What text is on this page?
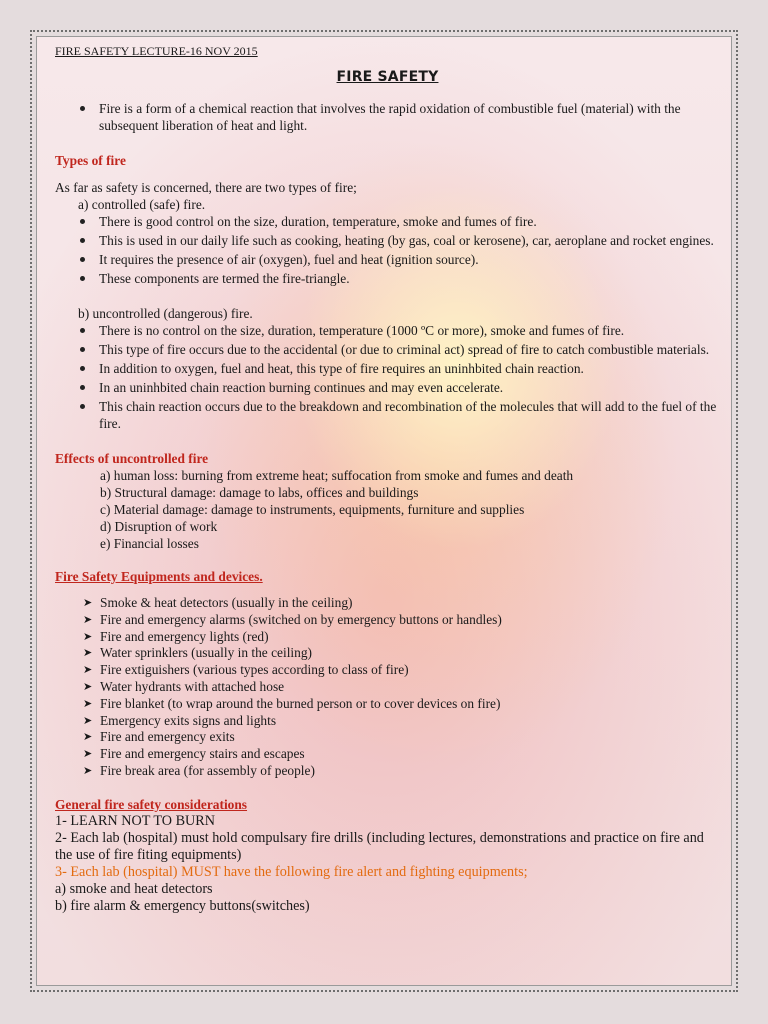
FIRE SAFETY LECTURE-16 NOV 2015

FIRE SAFETY
Fire is a form of a chemical reaction that involves the rapid oxidation of combustible fuel (material) with the subsequent liberation of heat and light.

Types of fire

As far as safety is concerned, there are two types of fire;

a) controlled (safe) fire.

There is good control on the size, duration, temperature, smoke and fumes of fire.
This is used in our daily life such as cooking, heating (by gas, coal or kerosene), car, aeroplane and rocket engines.
It requires the presence of air (oxygen), fuel and heat (ignition source).
These components are termed the fire-triangle.

b) uncontrolled (dangerous) fire.

There is no control on the size, duration, temperature (1000 ºC or more), smoke and fumes of fire.
This type of fire occurs due to the accidental (or due to criminal act) spread of fire to catch combustible materials.
In addition to oxygen, fuel and heat, this type of fire requires an uninhbited chain reaction.
In an uninhbited chain reaction burning continues and may even accelerate.
This chain reaction occurs due to the breakdown and recombination of the molecules that will add to the fuel of the fire.

Effects of uncontrolled fire

a) human loss: burning from extreme heat; suffocation from smoke and fumes and death

b) Structural damage: damage to labs, offices and buildings

c) Material damage: damage to instruments, equipments, furniture and supplies

d) Disruption of work

e) Financial losses

Fire Safety Equipments and devices.

➤ Smoke & heat detectors (usually in the ceiling)
➤ Fire and emergency alarms (switched on by emergency buttons or handles)
➤ Fire and emergency lights (red)
➤ Water sprinklers (usually in the ceiling)
➤ Fire extiguishers (various types according to class of fire)
➤ Water hydrants with attached hose
➤ Fire blanket (to wrap around the burned person or to cover devices on fire)
➤ Emergency exits signs and lights
➤ Fire and emergency exits
➤ Fire and emergency stairs and escapes
➤ Fire break area (for assembly of people)

General fire safety considerations

1- LEARN NOT TO BURN

2- Each lab (hospital) must hold compulsary fire drills (including lectures, demonstrations and practice on fire and the use of fire fiting equipments)

3- Each lab (hospital) MUST have the following fire alert and fighting equipments;

a) smoke and heat detectors

b) fire alarm & emergency buttons(switches)
